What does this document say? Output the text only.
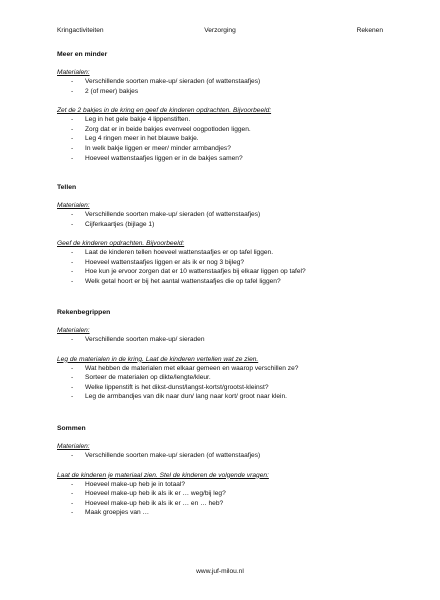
Kringactiviteiten	Verzorging	Rekenen

Meer en minder

Materialen:

- Verschillende soorten make-up/ sieraden (of wattenstaafjes)
- 2 (of meer) bakjes

Zet de 2 bakjes in de kring en geef de kinderen opdrachten. Bijvoorbeeld:

- Leg in het gele bakje 4 lippenstiften.
- Zorg dat er in beide bakjes evenveel oogpotloden liggen.
- Leg 4 ringen meer in het blauwe bakje.
- In welk bakje liggen er meer/ minder armbandjes?
- Hoeveel wattenstaafjes liggen er in de bakjes samen?

Tellen

Materialen:

- Verschillende soorten make-up/ sieraden (of wattenstaafjes)
- Cijferkaartjes (bijlage 1)

Geef de kinderen opdrachten. Bijvoorbeeld:

- Laat de kinderen tellen hoeveel wattenstaafjes er op tafel liggen.
- Hoeveel wattenstaafjes liggen er als ik er nog 3 bijleg?
- Hoe kun je ervoor zorgen dat er 10 wattenstaafjes bij elkaar liggen op tafel?
- Welk getal hoort er bij het aantal wattenstaafjes die op tafel liggen?

Rekenbegrippen

Materialen:

- Verschillende soorten make-up/ sieraden

Leg de materialen in de kring. Laat de kinderen vertellen wat ze zien.

- Wat hebben de materialen met elkaar gemeen en waarop verschillen ze?
- Sorteer de materialen op dikte/lengte/kleur.
- Welke lippenstift is het dikst-dunst/langst-kortst/grootst-kleinst?
- Leg de armbandjes van dik naar dun/ lang naar kort/ groot naar klein.

Sommen

Materialen:

- Verschillende soorten make-up/ sieraden (of wattenstaafjes)

Laat de kinderen je materiaal zien. Stel de kinderen de volgende vragen:

- Hoeveel make-up heb je in totaal?
- Hoeveel make-up heb ik als ik er … weg/bij leg?
- Hoeveel make-up heb ik als ik er … en … heb?
- Maak groepjes van …
www.juf-milou.nl
